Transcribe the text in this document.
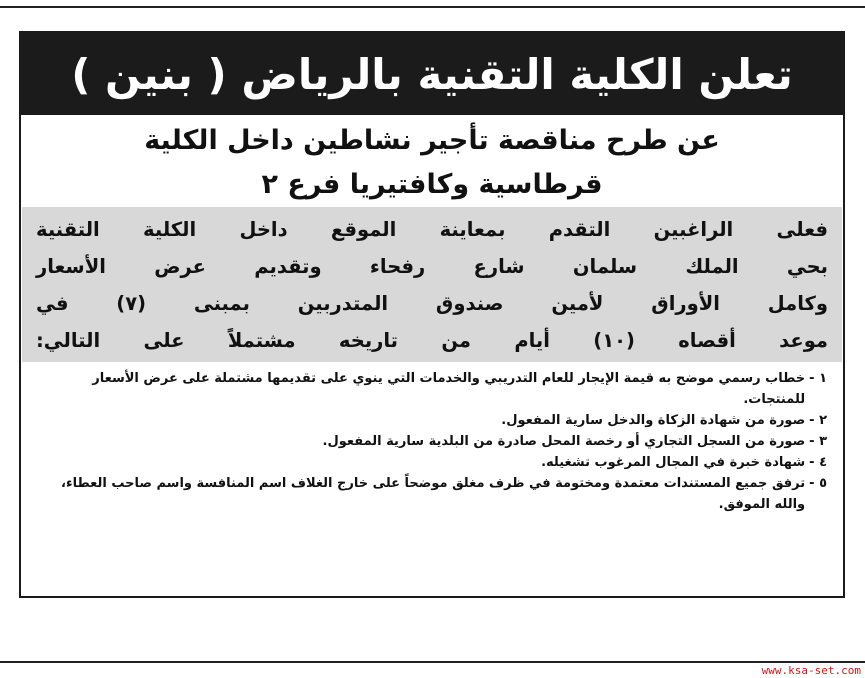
تعلن الكلية التقنية بالرياض ( بنين )
عن طرح مناقصة تأجير نشاطين داخل الكلية
قرطاسية وكافتيريا فرع ٢
فعلى الراغبين التقدم بمعاينة الموقع داخل الكلية التقنية
بحي الملك سلمان شارع رفحاء وتقديم عرض الأسعار
وكامل الأوراق لأمين صندوق المتدربين بمبنى (٧) في
موعد أقصاه (١٠) أيام من تاريخه مشتملاً على التالي:
١ -
خطاب رسمي موضح به قيمة الإيجار للعام التدريبي والخدمات التي ينوي على تقديمها مشتملة على عرض الأسعار للمنتجات.
٢ -
صورة من شهادة الزكاة والدخل سارية المفعول.
٣ -
صورة من السجل التجاري أو رخصة المحل صادرة من البلدية سارية المفعول.
٤ -
شهادة خبرة في المجال المرغوب تشغيله.
٥ -
ترفق جميع المستندات معتمدة ومختومة في ظرف مغلق موضحاً على خارج الغلاف اسم المنافسة واسم صاحب العطاء، والله الموفق.
www.ksa-set.com
